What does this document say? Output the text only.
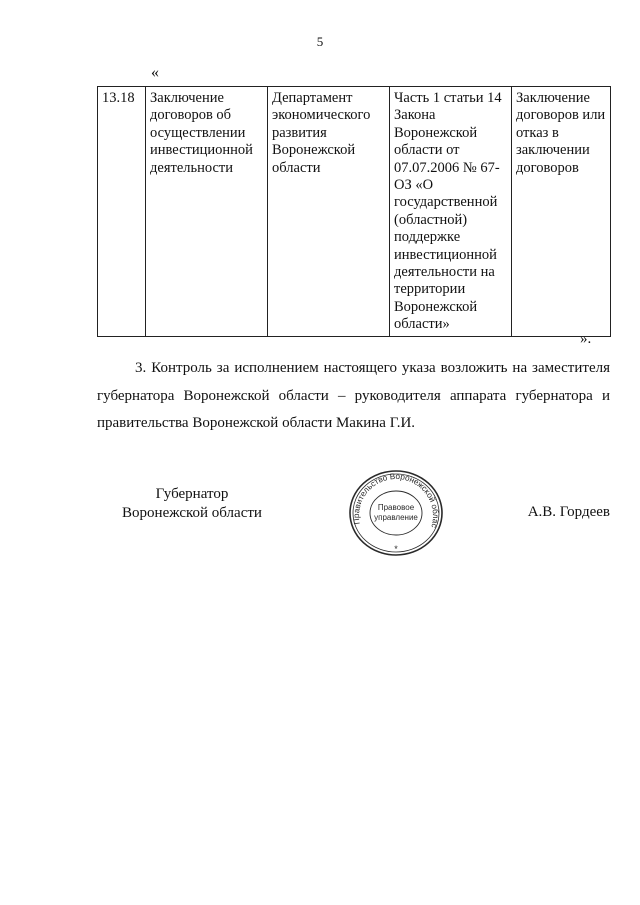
5
«
13.18	Заключение договоров об осуществлении инвестиционной деятельности	Департамент экономического развития Воронежской области	Часть 1 статьи 14 Закона Воронежской области от 07.07.2006 № 67-ОЗ «О государственной (областной) поддержке инвестиционной деятельности на территории Воронежской области»	Заключение договоров или отказ в заключении договоров
».

3. Контроль за исполнением настоящего указа возложить на заместителя губернатора Воронежской области – руководителя аппарата губернатора и правительства Воронежской области Макина Г.И.

Губернатор
Воронежской области
Правительство Воронежской облас
Правовое
управление
*
А.В. Гордеев
